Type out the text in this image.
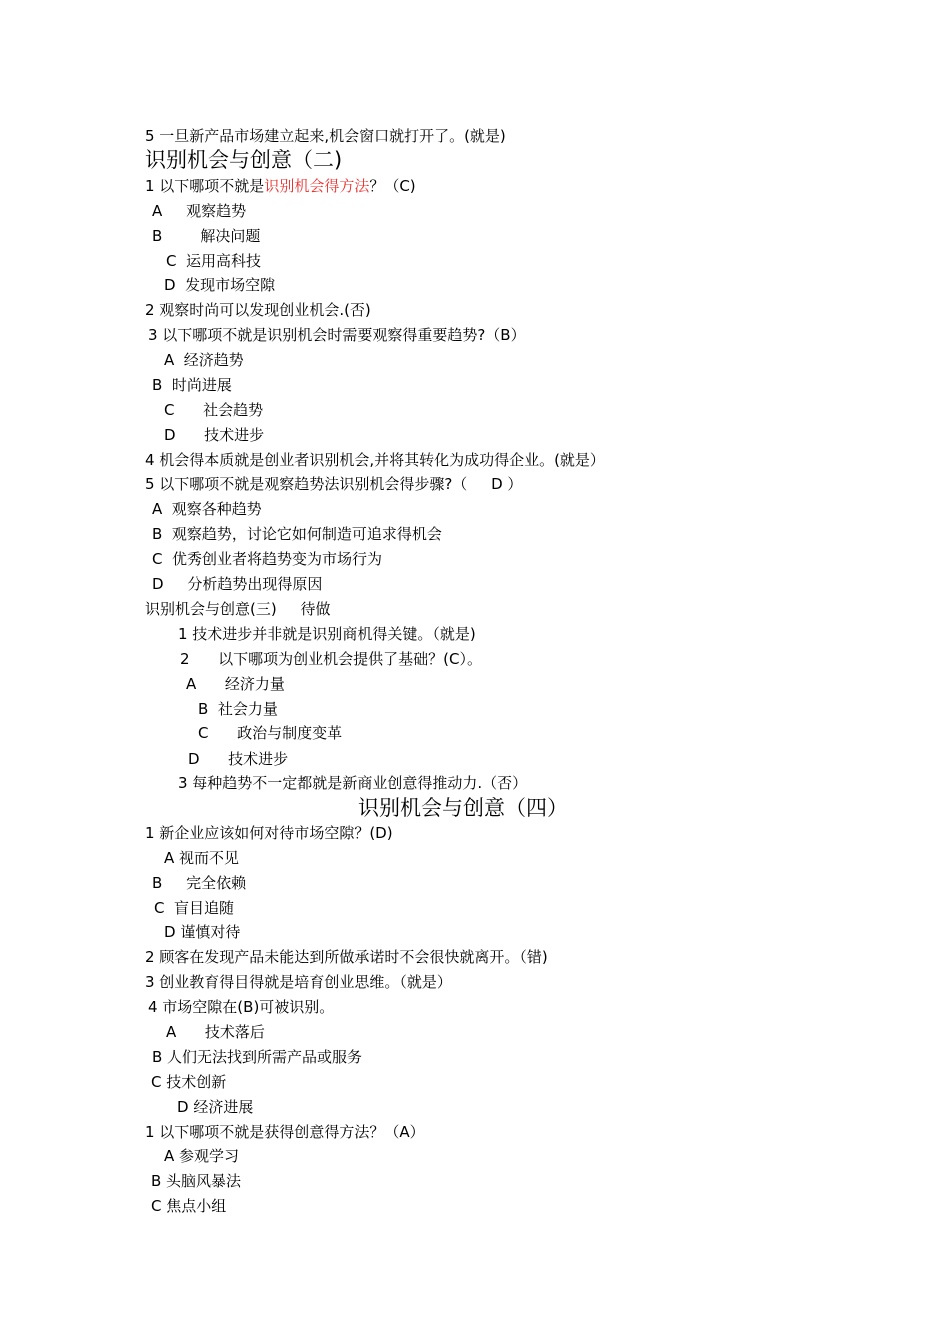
5 一旦新产品市场建立起来,机会窗口就打开了。(就是)
识别机会与创意（二)
1 以下哪项不就是识别机会得方法？（C)
A     观察趋势
B        解决问题
C  运用高科技
D  发现市场空隙
2 观察时尚可以发现创业机会.(否)
3 以下哪项不就是识别机会时需要观察得重要趋势?（B）
A  经济趋势
B  时尚进展
C      社会趋势
D      技术进步
4 机会得本质就是创业者识别机会,并将其转化为成功得企业。(就是）
5 以下哪项不就是观察趋势法识别机会得步骤?（     D ）
A  观察各种趋势
B  观察趋势，讨论它如何制造可追求得机会
C  优秀创业者将趋势变为市场行为
D     分析趋势出现得原因
识别机会与创意(三)     待做
1 技术进步并非就是识别商机得关键。（就是)
2      以下哪项为创业机会提供了基础？(C）。
A      经济力量
B  社会力量
C      政治与制度变革
D      技术进步
3 每种趋势不一定都就是新商业创意得推动力.（否）
识别机会与创意（四）
1 新企业应该如何对待市场空隙？(D)
A 视而不见
B     完全依赖
C  盲目追随
D 谨慎对待
2 顾客在发现产品未能达到所做承诺时不会很快就离开。（错)
3 创业教育得目得就是培育创业思维。（就是）
4 市场空隙在(B)可被识别。
A      技术落后
B 人们无法找到所需产品或服务
C 技术创新
D 经济进展
1 以下哪项不就是获得创意得方法？（A）
A 参观学习
B 头脑风暴法
C 焦点小组
